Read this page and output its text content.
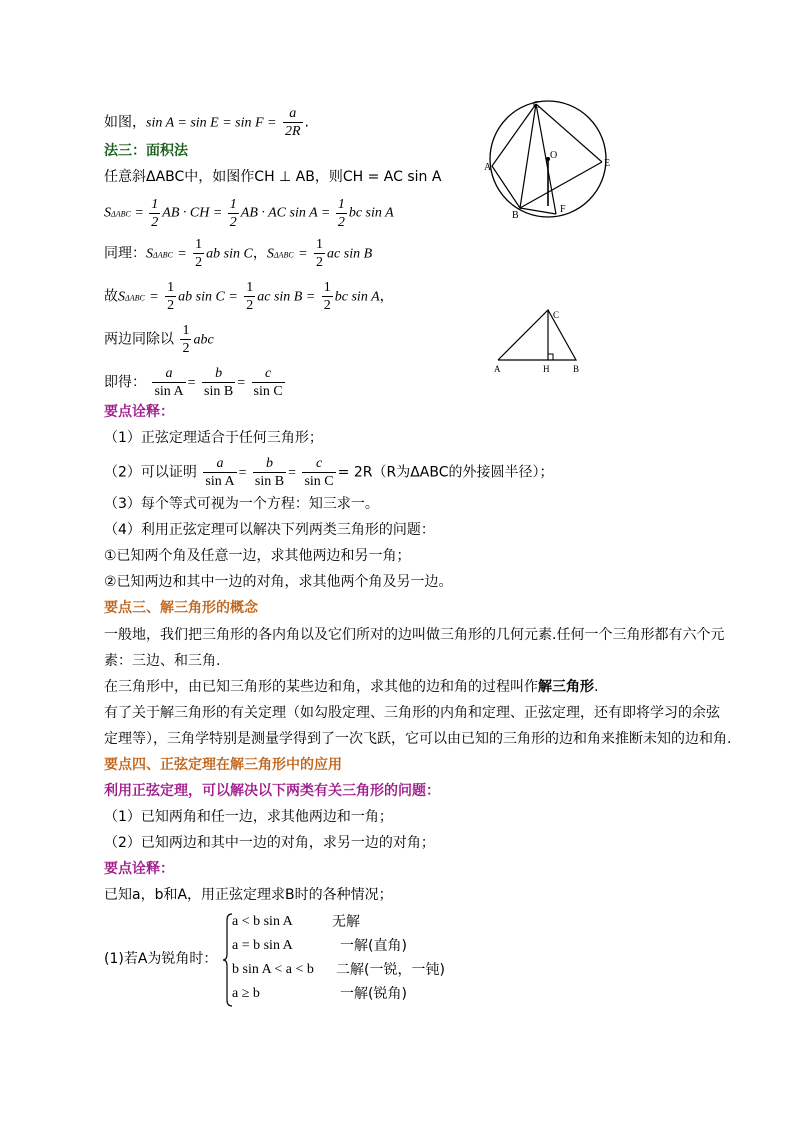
如图，$\sin A = \sin E = \sin F = \frac{a}{2R}$ .
法三：面积法
任意斜ΔABC中，如图作CH ⊥ AB，则CH = AC sin A
$S\Delta ABC = \frac{1}{2}$ AB · CH = $\frac{1}{2}$ AB · AC $\sin A = \frac{1}{2}$ bc sin A
同理：$S\Delta ABC = \frac{1}{2}$ ab sin C，$S\Delta ABC = \frac{1}{2}$ ac sin B
故$S\Delta ABC = \frac{1}{2}$ ab $\sin C = \frac{1}{2}$ ac $\sin B = \frac{1}{2}$ bc sin A，
两边同除以 $\frac{1}{2}$ abc
即得： $\frac{a}{\text{sin A}} = \frac{b}{\text{sin B}} = \frac{c}{\text{sin C}}$
要点诠释：
（1）正弦定理适合于任何三角形；
（2）可以证明 $\frac{a}{\text{sin A}} = \frac{b}{\text{sin B}} = \frac{c}{\text{sin C}} = 2R(R$为ΔABC的外接圆半径）；
（3）每个等式可视为一个方程：知三求一。
（4）利用正弦定理可以解决下列两类三角形的问题：
①已知两个角及任意一边，求其他两边和另一角；
②已知两边和其中一边的对角，求其他两个角及另一边。
要点三、解三角形的概念
一般地，我们把三角形的各内角以及它们所对的边叫做三角形的几何元素.任何一个三角形都有六个元
素：三边、和三角.
在三角形中，由已知三角形的某些边和角，求其他的边和角的过程叫作解三角形.
有了关于解三角形的有关定理（如勾股定理、三角形的内角和定理、正弦定理，还有即将学习的余弦
定理等），三角学特别是测量学得到了一次飞跃，它可以由已知的三角形的边和角来推断未知的边和角.
要点四、正弦定理在解三角形中的应用
利用正弦定理，可以解决以下两类有关三角形的问题：
（1）已知两角和任一边，求其他两边和一角；
（2）已知两边和其中一边的对角，求另一边的对角；
要点诠释：
已知a，b和A，用正弦定理求B时的各种情况；
(1)若A为锐角时：
a < b sin A	无解
a = b sin A	一解(直角)
b sin A < a < b 二解(一锐，一钝)
a ≥ b	一解(锐角)
C
O
A	E
B
F
C
A	H	B
